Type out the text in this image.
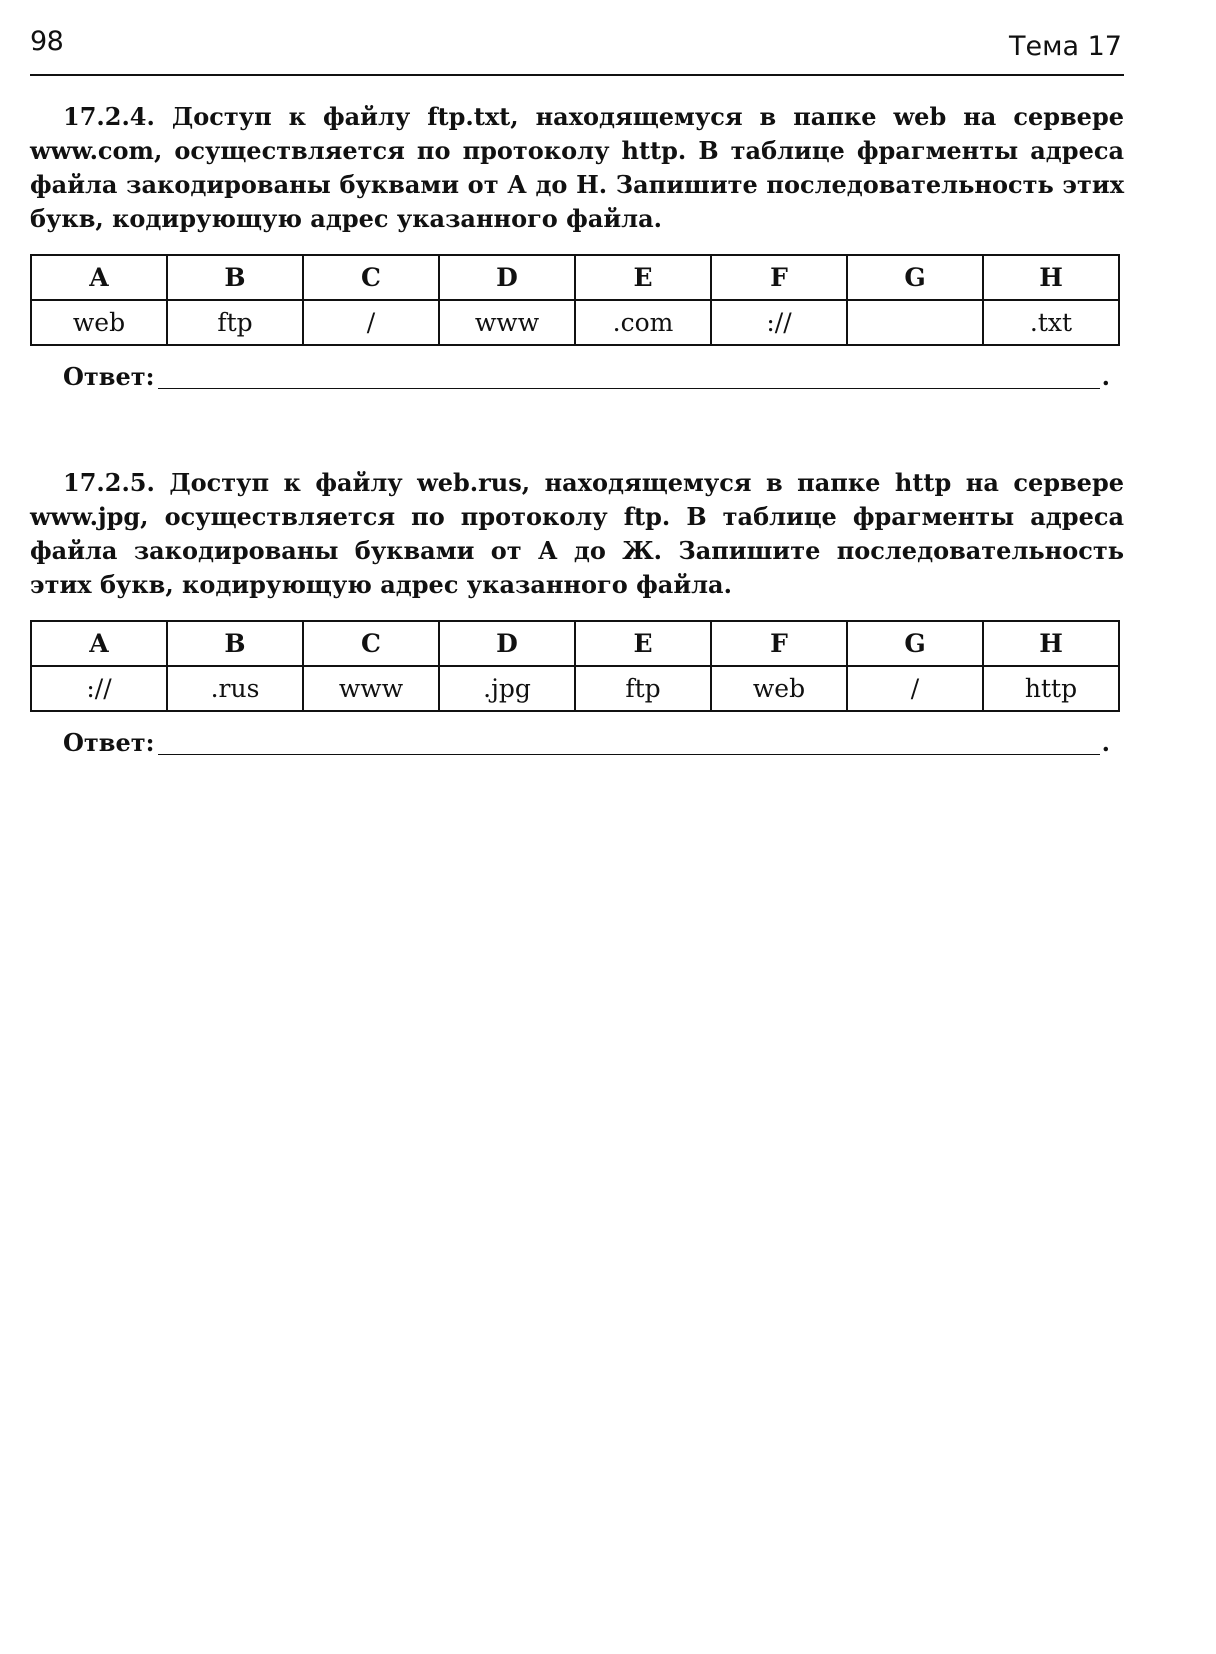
98	Тема 17

17.2.4. Доступ к файлу ftp.txt, находящемуся в папке web на сервере www.com, осуществляется по протоколу http. В таблице фрагменты адреса файла закодированы буквами от А до Н. Запишите последовательность этих букв, кодирующую адрес указанного файла.

A	B	C	D	E	F	G	H
web	ftp	/	www	.com	://		.txt
Ответ:	.

17.2.5. Доступ к файлу web.rus, находящемуся в папке http на сервере www.jpg, осуществляется по протоколу ftp. В таблице фрагменты адреса файла закодированы буквами от А до Ж. Запишите последовательность этих букв, кодирующую адрес указанного файла.

A	B	C	D	E	F	G	H
://	.rus	www	.jpg	ftp	web	/	http
Ответ:	.
